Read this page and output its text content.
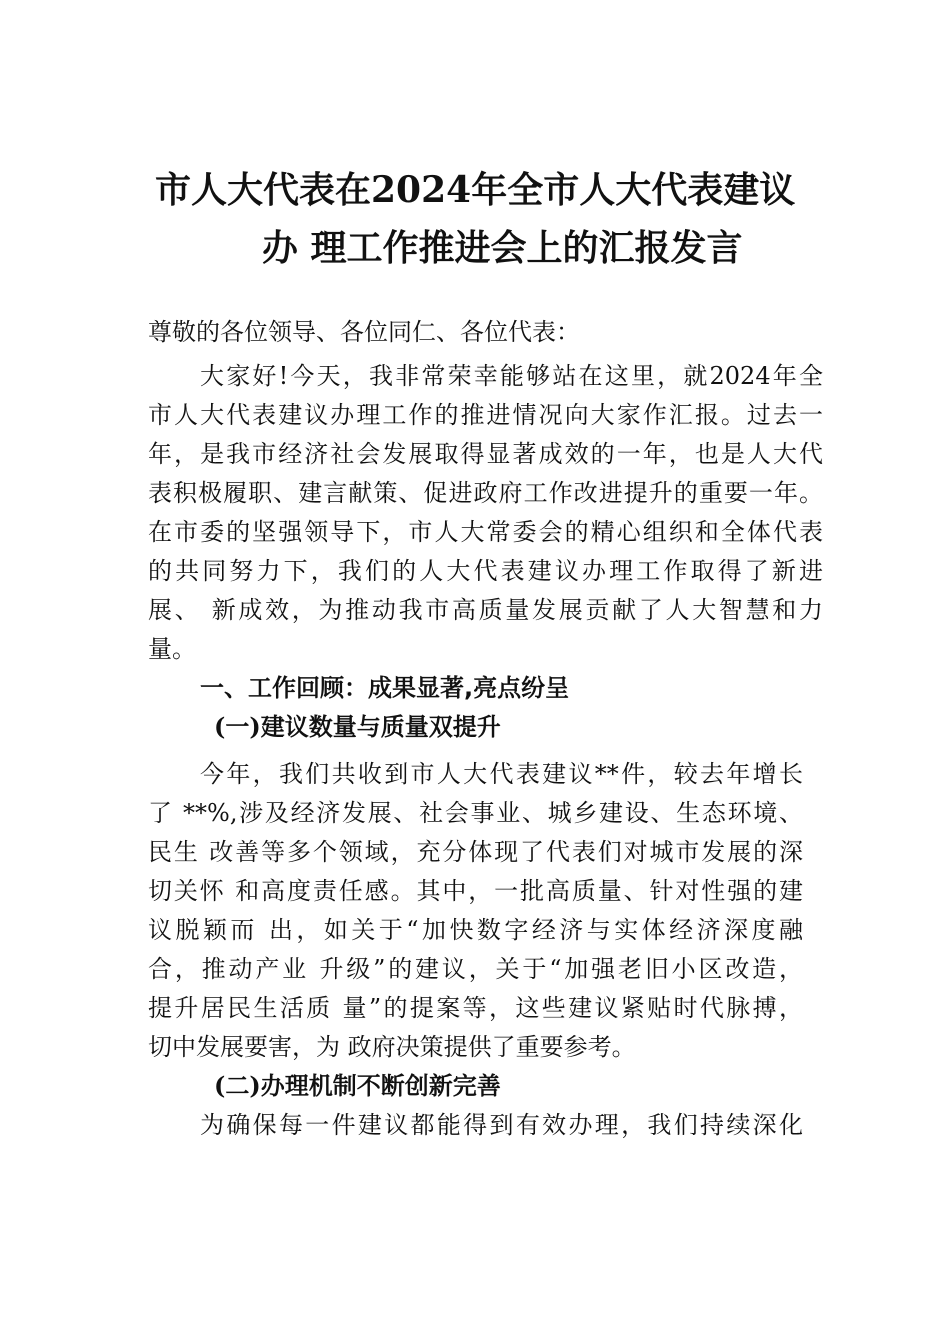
市人大代表在2024年全市人大代表建议
办 理工作推进会上的汇报发言
尊敬的各位领导、各位同仁、各位代表：
大家好!今天，我非常荣幸能够站在这里，就2024年全
市人大代表建议办理工作的推进情况向大家作汇报。过去一
年，是我市经济社会发展取得显著成效的一年，也是人大代
表积极履职、建言献策、促进政府工作改进提升的重要一年。
在市委的坚强领导下，市人大常委会的精心组织和全体代表
的共同努力下，我们的人大代表建议办理工作取得了新进
展、 新成效，为推动我市高质量发展贡献了人大智慧和力
量。
一、工作回顾：成果显著,亮点纷呈
(一)建议数量与质量双提升
今年，我们共收到市人大代表建议**件，较去年增长
了 **%,涉及经济发展、社会事业、城乡建设、生态环境、
民生 改善等多个领域，充分体现了代表们对城市发展的深
切关怀 和高度责任感。其中，一批高质量、针对性强的建
议脱颖而 出，如关于“加快数字经济与实体经济深度融
合，推动产业 升级”的建议，关于“加强老旧小区改造，
提升居民生活质 量”的提案等，这些建议紧贴时代脉搏，
切中发展要害，为 政府决策提供了重要参考。
(二)办理机制不断创新完善
为确保每一件建议都能得到有效办理，我们持续深化
